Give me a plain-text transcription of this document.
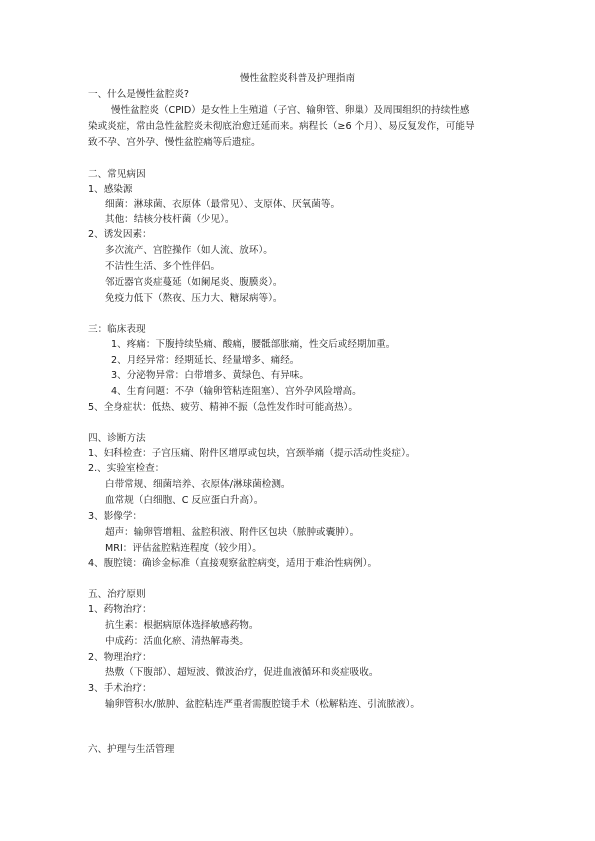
慢性盆腔炎科普及护理指南
一、什么是慢性盆腔炎?
慢性盆腔炎（CPID）是女性上生殖道（子宫、输卵管、卵巢）及周围组织的持续性感
染或炎症，常由急性盆腔炎未彻底治愈迁延而来。病程长（≥6 个月）、易反复发作，可能导
致不孕、宫外孕、慢性盆腔痛等后遗症。
二、常见病因
1、感染源
细菌：淋球菌、衣原体（最常见）、支原体、厌氧菌等。
其他：结核分枝杆菌（少见）。
2、诱发因素：
多次流产、宫腔操作（如人流、放环）。
不洁性生活、多个性伴侣。
邻近器官炎症蔓延（如阑尾炎、腹膜炎）。
免疫力低下（熬夜、压力大、糖尿病等）。
三：临床表现
1、疼痛：下腹持续坠痛、酸痛，腰骶部胀痛，性交后或经期加重。
2、月经异常：经期延长、经量增多、痛经。
3、分泌物异常：白带增多、黄绿色、有异味。
4、生育问题：不孕（输卵管粘连阻塞）、宫外孕风险增高。
5、全身症状：低热、疲劳、精神不振（急性发作时可能高热）。
四、诊断方法
1、妇科检查：子宫压痛、附件区增厚或包块，宫颈举痛（提示活动性炎症）。
2.、实验室检查：
白带常规、细菌培养、衣原体/淋球菌检测。
血常规（白细胞、C 反应蛋白升高）。
3、影像学：
超声：输卵管增粗、盆腔积液、附件区包块（脓肿或囊肿）。
MRI：评估盆腔粘连程度（较少用）。
4、腹腔镜：确诊金标准（直接观察盆腔病变，适用于难治性病例）。
五、治疗原则
1、药物治疗：
抗生素：根据病原体选择敏感药物。
中成药：活血化瘀、清热解毒类。
2、物理治疗：
热敷（下腹部）、超短波、微波治疗，促进血液循环和炎症吸收。
3、手术治疗：
输卵管积水/脓肿、盆腔粘连严重者需腹腔镜手术（松解粘连、引流脓液）。
六、护理与生活管理
